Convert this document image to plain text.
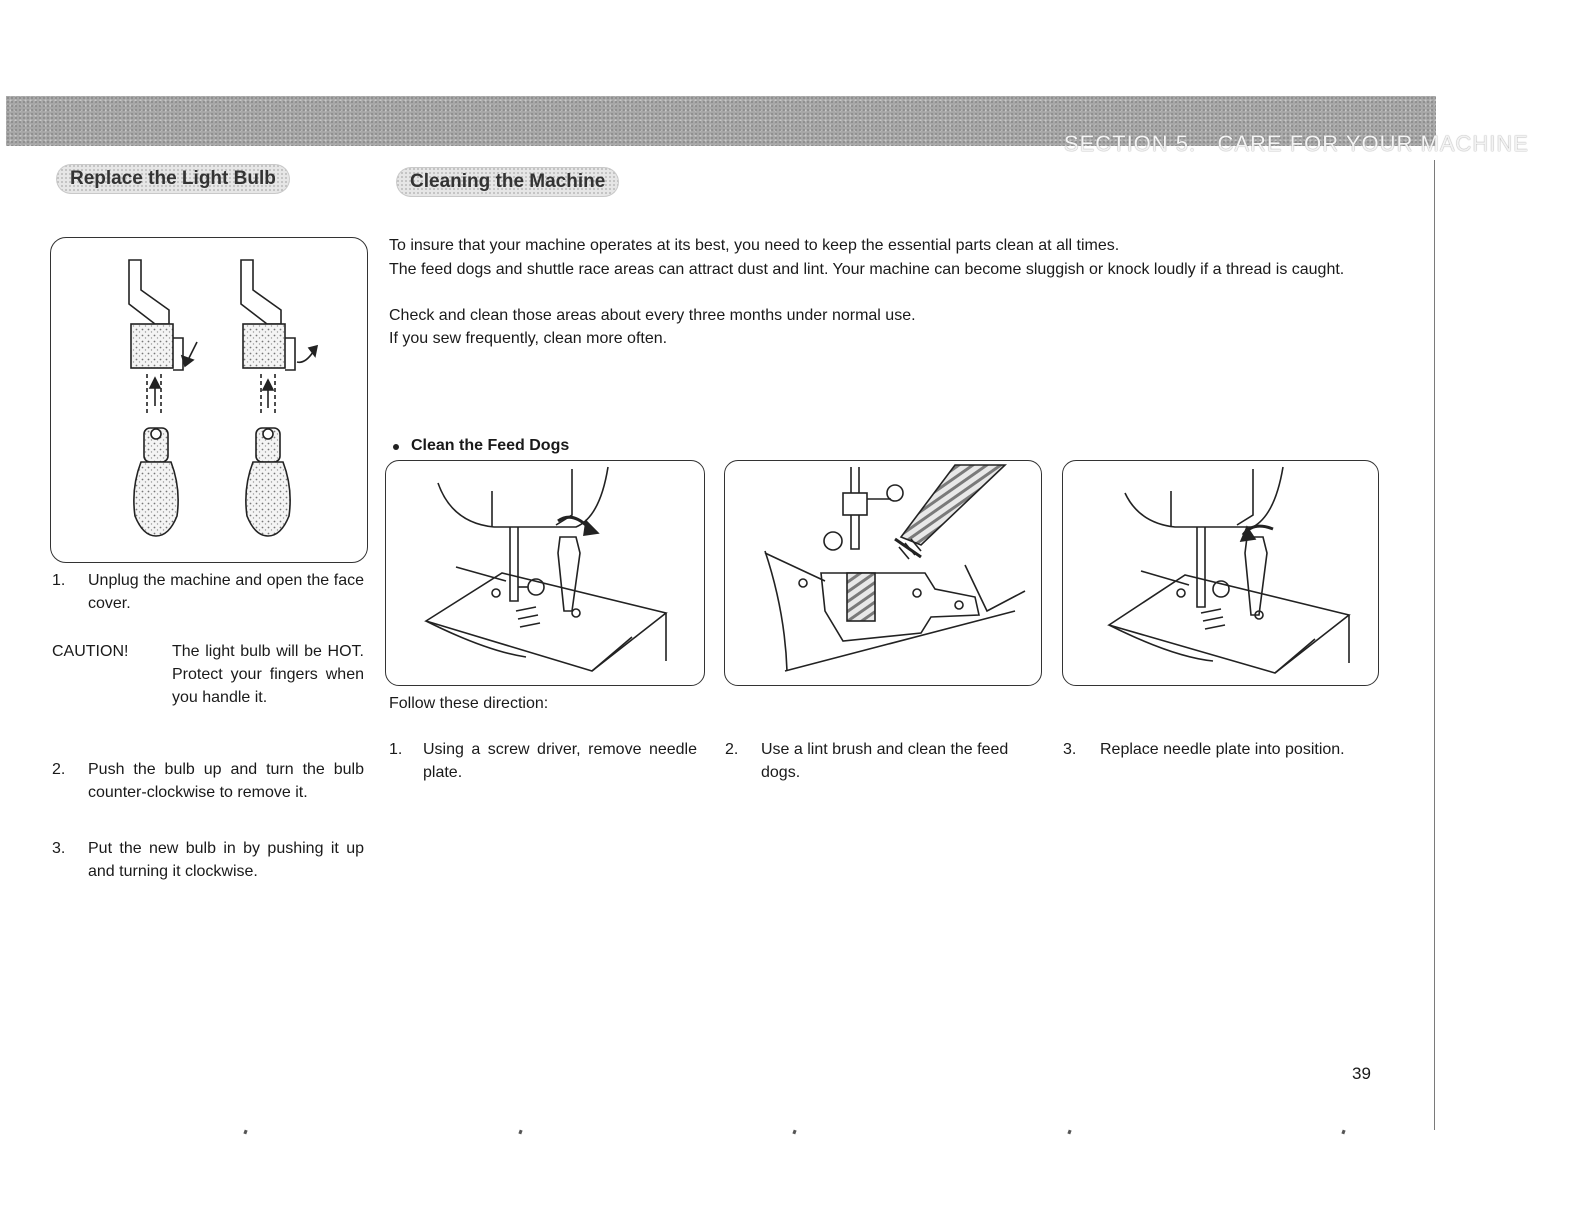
SECTION 5.   CARE FOR YOUR MACHINE
Replace the Light Bulb	Cleaning the Machine
1.	Unplug the machine and open the face cover.
CAUTION!	The light bulb will be HOT. Protect your fingers when you handle it.
2.	Push the bulb up and turn the bulb counter-clockwise to remove it.
3.	Put the new bulb in by pushing it up and turning it clockwise.
To insure that your machine operates at its best, you need to keep the essential parts clean at all times.
The feed dogs and shuttle race areas can attract dust and lint. Your machine can become sluggish or knock loudly if a thread is caught.
Check and clean those areas about every three months under normal use.
If you sew frequently, clean more often.
Clean the Feed Dogs
Follow these direction:
1.	Using a screw driver, remove needle plate.
2.	Use a lint brush and clean the feed dogs.
3.	Replace needle plate into position.
39
